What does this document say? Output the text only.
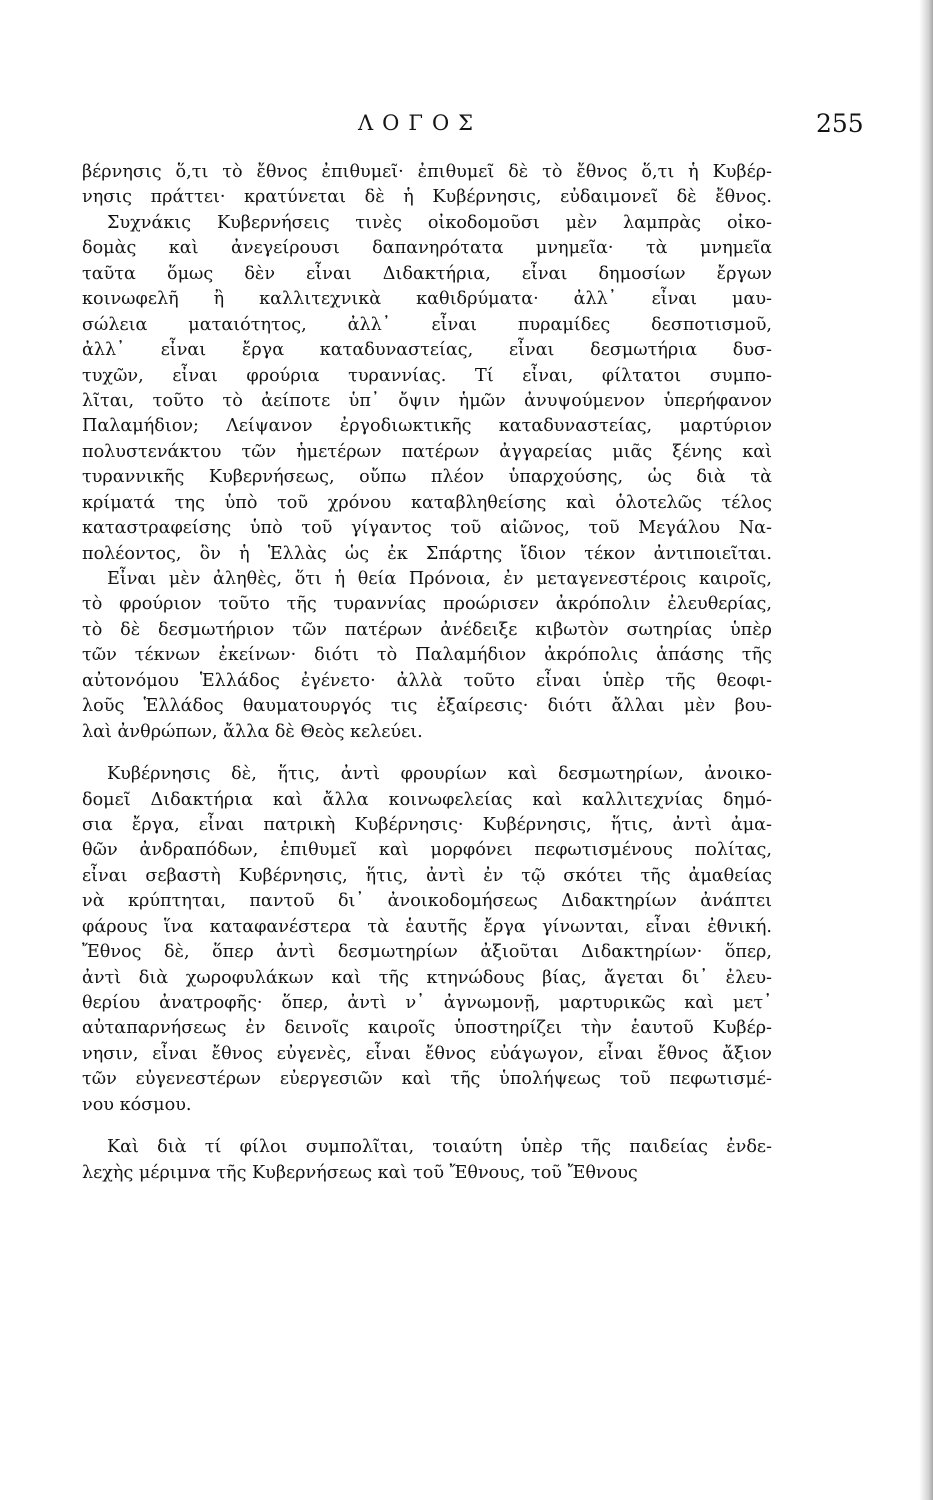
ΛΟΓΟΣ	255
βέρνησις ὅ,τι τὸ ἔθνος ἐπιθυμεῖ· ἐπιθυμεῖ δὲ τὸ ἔθνος ὅ,τι ἡ Κυβέρ-
νησις πράττει· κρατύνεται δὲ ἡ Κυβέρνησις, εὐδαιμονεῖ δὲ ἔθνος.
Συχνάκις Κυβερνήσεις τινὲς οἰκοδομοῦσι μὲν λαμπρὰς οἰκο-
δομὰς καὶ ἀνεγείρουσι δαπανηρότατα μνημεῖα· τὰ μνημεῖα
ταῦτα ὅμως δὲν εἶναι Διδακτήρια, εἶναι δημοσίων ἔργων
κοινωφελῆ ἢ καλλιτεχνικὰ καθιδρύματα· ἀλλ᾽ εἶναι μαυ-
σώλεια ματαιότητος, ἀλλ᾽ εἶναι πυραμίδες δεσποτισμοῦ,
ἀλλ᾽ εἶναι ἔργα καταδυναστείας, εἶναι δεσμωτήρια δυσ-
τυχῶν, εἶναι φρούρια τυραννίας. Τί εἶναι, φίλτατοι συμπο-
λῖται, τοῦτο τὸ ἀείποτε ὑπ᾽ ὄψιν ἡμῶν ἀνυψούμενον ὑπερήφανον
Παλαμήδιον; Λείψανον ἐργοδιωκτικῆς καταδυναστείας, μαρτύριον
πολυστενάκτου τῶν ἡμετέρων πατέρων ἀγγαρείας μιᾶς ξένης καὶ
τυραννικῆς Κυβερνήσεως, οὔπω πλέον ὑπαρχούσης, ὡς διὰ τὰ
κρίματά της ὑπὸ τοῦ χρόνου καταβληθείσης καὶ ὁλοτελῶς τέλος
καταστραφείσης ὑπὸ τοῦ γίγαντος τοῦ αἰῶνος, τοῦ Μεγάλου Να-
πολέοντος, ὃν ἡ Ἑλλὰς ὡς ἐκ Σπάρτης ἴδιον τέκον ἀντιποιεῖται.
Εἶναι μὲν ἀληθὲς, ὅτι ἡ θεία Πρόνοια, ἐν μεταγενεστέροις καιροῖς,
τὸ φρούριον τοῦτο τῆς τυραννίας προώρισεν ἀκρόπολιν ἐλευθερίας,
τὸ δὲ δεσμωτήριον τῶν πατέρων ἀνέδειξε κιβωτὸν σωτηρίας ὑπὲρ
τῶν τέκνων ἐκείνων· διότι τὸ Παλαμήδιον ἀκρόπολις ἁπάσης τῆς
αὐτονόμου Ἑλλάδος ἐγένετο· ἀλλὰ τοῦτο εἶναι ὑπὲρ τῆς θεοφι-
λοῦς Ἑλλάδος θαυματουργός τις ἐξαίρεσις· διότι ἄλλαι μὲν βου-
λαὶ ἀνθρώπων, ἄλλα δὲ Θεὸς κελεύει.
Κυβέρνησις δὲ, ἥτις, ἀντὶ φρουρίων καὶ δεσμωτηρίων, ἀνοικο-
δομεῖ Διδακτήρια καὶ ἄλλα κοινωφελείας καὶ καλλιτεχνίας δημό-
σια ἔργα, εἶναι πατρικὴ Κυβέρνησις· Κυβέρνησις, ἥτις, ἀντὶ ἀμα-
θῶν ἀνδραπόδων, ἐπιθυμεῖ καὶ μορφόνει πεφωτισμένους πολίτας,
εἶναι σεβαστὴ Κυβέρνησις, ἥτις, ἀντὶ ἐν τῷ σκότει τῆς ἀμαθείας
νὰ κρύπτηται, παντοῦ δι᾽ ἀνοικοδομήσεως Διδακτηρίων ἀνάπτει
φάρους ἵνα καταφανέστερα τὰ ἑαυτῆς ἔργα γίνωνται, εἶναι ἐθνική.
Ἔθνος δὲ, ὅπερ ἀντὶ δεσμωτηρίων ἀξιοῦται Διδακτηρίων· ὅπερ,
ἀντὶ διὰ χωροφυλάκων καὶ τῆς κτηνώδους βίας, ἄγεται δι᾽ ἐλευ-
θερίου ἀνατροφῆς· ὅπερ, ἀντὶ ν᾽ ἀγνωμονῇ, μαρτυρικῶς καὶ μετ᾽
αὐταπαρνήσεως ἐν δεινοῖς καιροῖς ὑποστηρίζει τὴν ἑαυτοῦ Κυβέρ-
νησιν, εἶναι ἔθνος εὐγενὲς, εἶναι ἔθνος εὐάγωγον, εἶναι ἔθνος ἄξιον
τῶν εὐγενεστέρων εὐεργεσιῶν καὶ τῆς ὑπολήψεως τοῦ πεφωτισμέ-
νου κόσμου.
Καὶ διὰ τί φίλοι συμπολῖται, τοιαύτη ὑπὲρ τῆς παιδείας ἐνδε-
λεχὴς μέριμνα τῆς Κυβερνήσεως καὶ τοῦ Ἔθνους, τοῦ Ἔθνους
